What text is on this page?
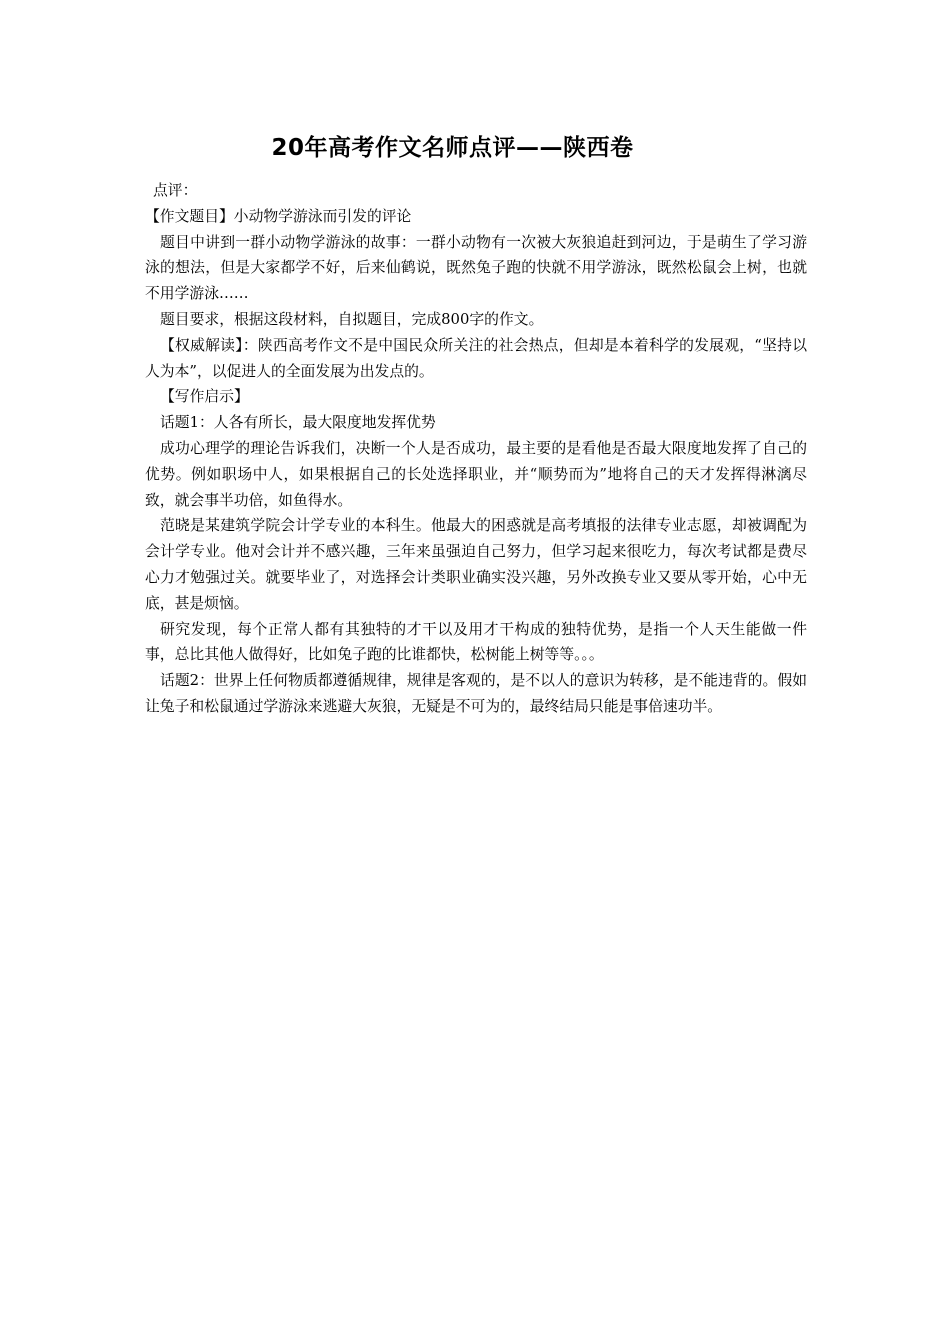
20年高考作文名师点评——陕西卷

点评：

【作文题目】小动物学游泳而引发的评论

题目中讲到一群小动物学游泳的故事：一群小动物有一次被大灰狼追赶到河边，于是萌生了学习游泳的想法，但是大家都学不好，后来仙鹤说，既然兔子跑的快就不用学游泳，既然松鼠会上树，也就不用学游泳……

题目要求，根据这段材料，自拟题目，完成800字的作文。

【权威解读】：陕西高考作文不是中国民众所关注的社会热点，但却是本着科学的发展观，“坚持以人为本”，以促进人的全面发展为出发点的。

【写作启示】

话题1：人各有所长，最大限度地发挥优势

成功心理学的理论告诉我们，决断一个人是否成功，最主要的是看他是否最大限度地发挥了自己的优势。例如职场中人，如果根据自己的长处选择职业，并“顺势而为”地将自己的天才发挥得淋漓尽致，就会事半功倍，如鱼得水。

范晓是某建筑学院会计学专业的本科生。他最大的困惑就是高考填报的法律专业志愿，却被调配为会计学专业。他对会计并不感兴趣，三年来虽强迫自己努力，但学习起来很吃力，每次考试都是费尽心力才勉强过关。就要毕业了，对选择会计类职业确实没兴趣，另外改换专业又要从零开始，心中无底，甚是烦恼。

研究发现，每个正常人都有其独特的才干以及用才干构成的独特优势，是指一个人天生能做一件事，总比其他人做得好，比如兔子跑的比谁都快，松树能上树等等。。。

话题2：世界上任何物质都遵循规律，规律是客观的，是不以人的意识为转移，是不能违背的。假如让兔子和松鼠通过学游泳来逃避大灰狼，无疑是不可为的，最终结局只能是事倍速功半。
